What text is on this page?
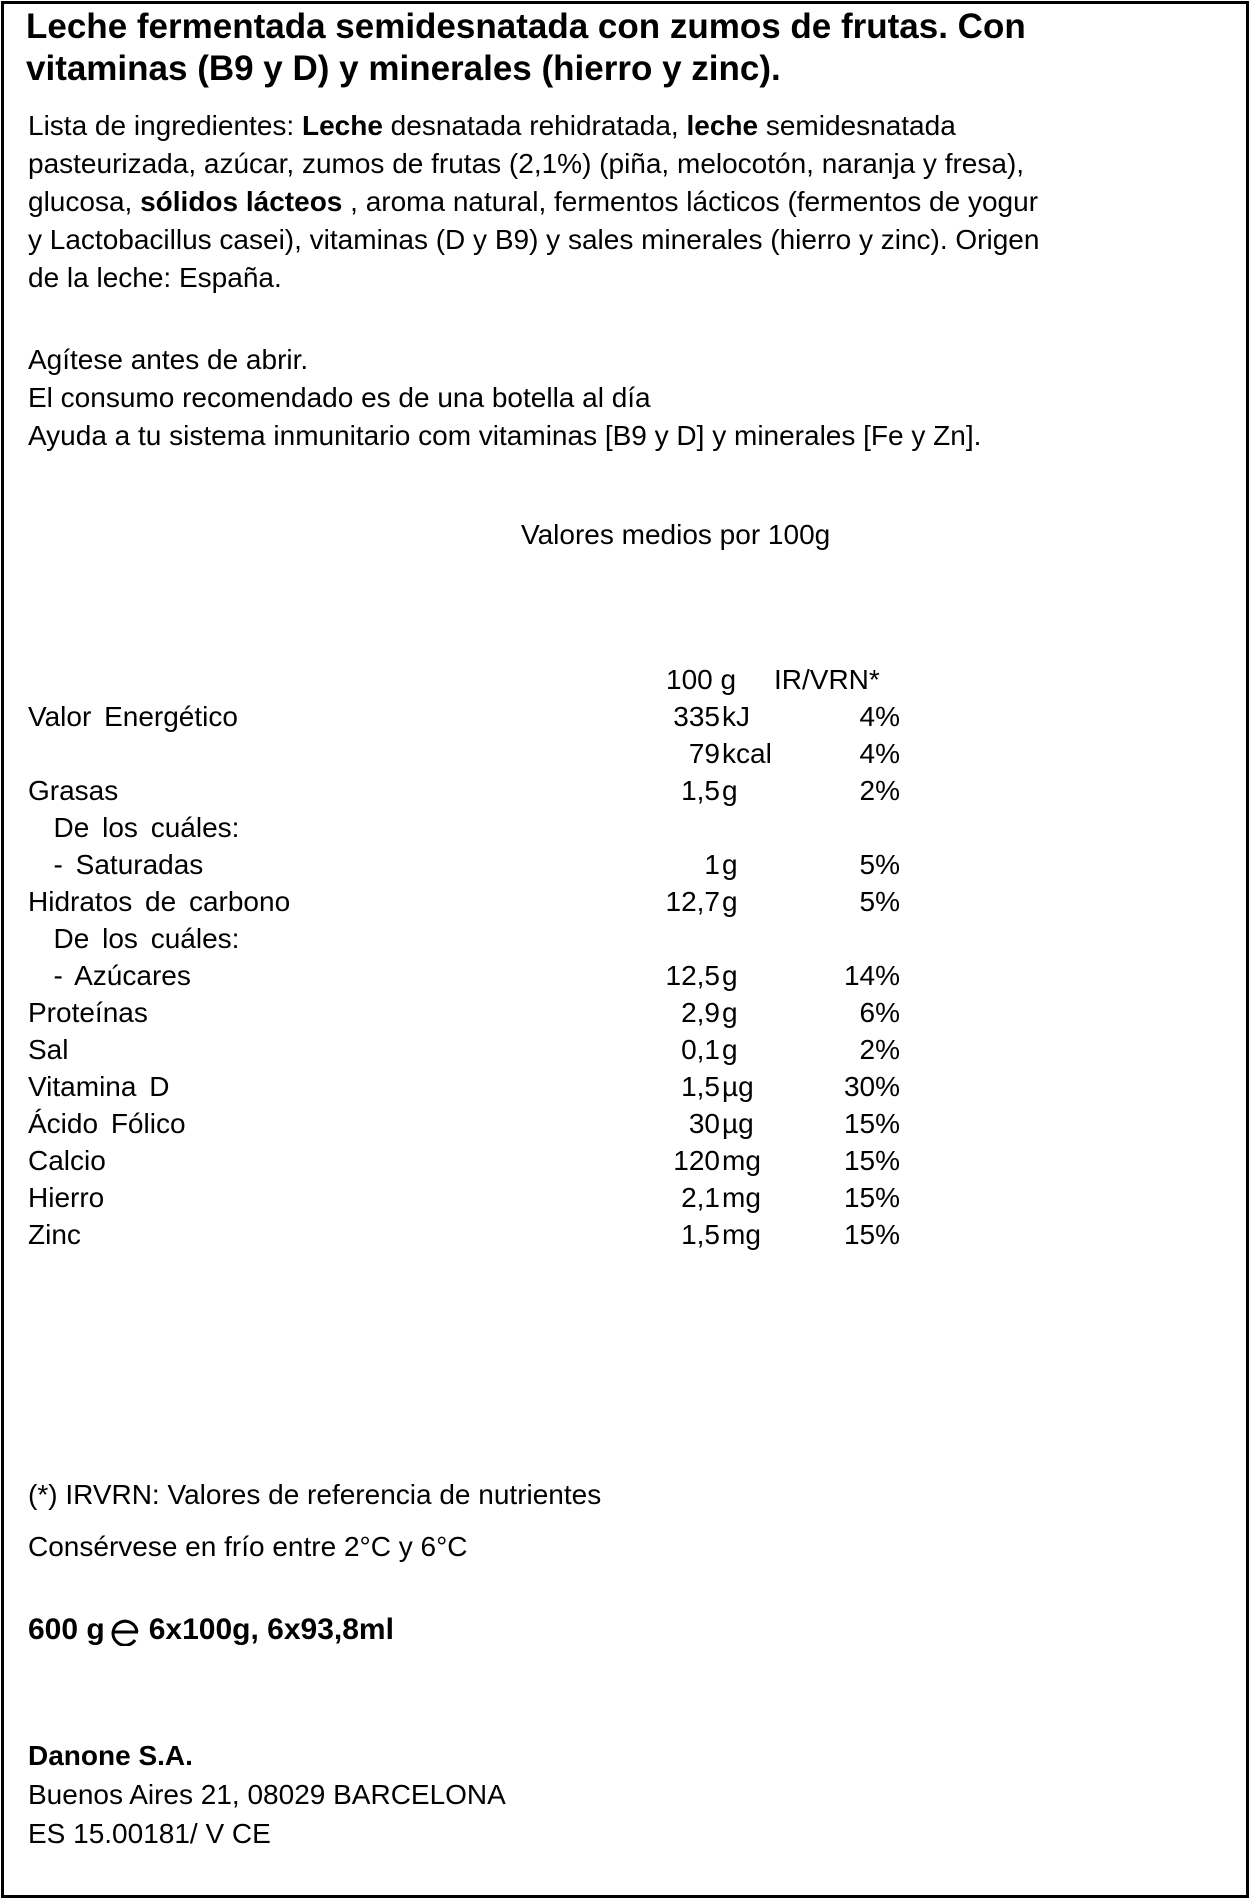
Leche fermentada semidesnatada con zumos de frutas. Con
vitaminas (B9 y D) y minerales (hierro y zinc).
Lista de ingredientes: Leche desnatada rehidratada, leche semidesnatada
pasteurizada, azúcar, zumos de frutas (2,1%) (piña, melocotón, naranja y fresa),
glucosa, sólidos lácteos , aroma natural, fermentos lácticos (fermentos de yogur
y Lactobacillus casei), vitaminas (D y B9) y sales minerales (hierro y zinc). Origen
de la leche: España.
Agítese antes de abrir.
El consumo recomendado es de una botella al día
Ayuda a tu sistema inmunitario com vitaminas [B9 y D] y minerales [Fe y Zn].
Valores medios por 100g
100 g IR/VRN*
Valor Energético	335 kJ	4%
79 kcal	4%
Grasas	1,5 g	2%
De los cuáles:
- Saturadas	1 g	5%
Hidratos de carbono	12,7 g	5%
De los cuáles:
- Azúcares	12,5 g	14%
Proteínas	2,9 g	6%
Sal	0,1 g	2%
Vitamina D	1,5 µg	30%
Ácido Fólico	30 µg	15%
Calcio	120 mg	15%
Hierro	2,1 mg	15%
Zinc	1,5 mg	15%
(*) IRVRN: Valores de referencia de nutrientes
Consérvese en frío entre 2°C y 6°C
600 g 6x100g, 6x93,8ml
Danone S.A.
Buenos Aires 21, 08029 BARCELONA
ES 15.00181/ V CE
